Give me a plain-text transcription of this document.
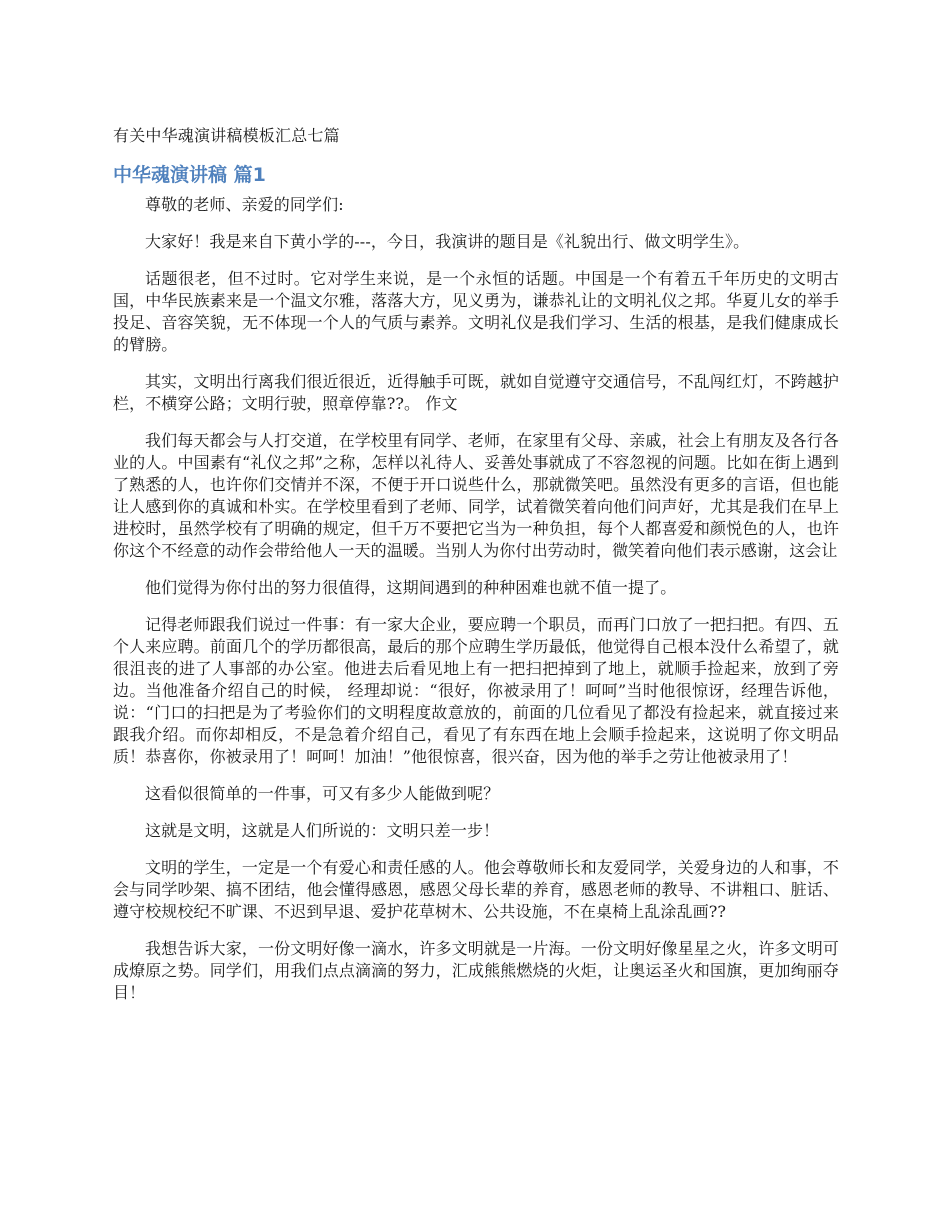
有关中华魂演讲稿模板汇总七篇
中华魂演讲稿 篇1

尊敬的老师、亲爱的同学们:

大家好！我是来自下黄小学的---，今日，我演讲的题目是《礼貌出行、做文明学生》。

话题很老，但不过时。它对学生来说，是一个永恒的话题。中国是一个有着五千年历史的文明古国，中华民族素来是一个温文尔雅，落落大方，见义勇为，谦恭礼让的文明礼仪之邦。华夏儿女的举手投足、音容笑貌，无不体现一个人的气质与素养。文明礼仪是我们学习、生活的根基，是我们健康成长的臂膀。

其实，文明出行离我们很近很近，近得触手可既，就如自觉遵守交通信号，不乱闯红灯，不跨越护栏，不横穿公路；文明行驶，照章停靠??。 作文

我们每天都会与人打交道，在学校里有同学、老师，在家里有父母、亲戚，社会上有朋友及各行各业的人。中国素有“礼仪之邦”之称，怎样以礼待人、妥善处事就成了不容忽视的问题。比如在街上遇到了熟悉的人，也许你们交情并不深，不便于开口说些什么，那就微笑吧。虽然没有更多的言语，但也能让人感到你的真诚和朴实。在学校里看到了老师、同学，试着微笑着向他们问声好，尤其是我们在早上进校时，虽然学校有了明确的规定，但千万不要把它当为一种负担，每个人都喜爱和颜悦色的人，也许你这个不经意的动作会带给他人一天的温暖。当别人为你付出劳动时，微笑着向他们表示感谢，这会让

他们觉得为你付出的努力很值得，这期间遇到的种种困难也就不值一提了。

记得老师跟我们说过一件事：有一家大企业，要应聘一个职员，而再门口放了一把扫把。有四、五个人来应聘。前面几个的学历都很高，最后的那个应聘生学历最低，他觉得自己根本没什么希望了，就很沮丧的进了人事部的办公室。他进去后看见地上有一把扫把掉到了地上，就顺手捡起来，放到了旁边。当他准备介绍自己的时候， 经理却说：“很好，你被录用了！呵呵”当时他很惊讶，经理告诉他，说：“门口的扫把是为了考验你们的文明程度故意放的，前面的几位看见了都没有捡起来，就直接过来跟我介绍。而你却相反，不是急着介绍自己，看见了有东西在地上会顺手捡起来，这说明了你文明品质！恭喜你，你被录用了！呵呵！加油！”他很惊喜，很兴奋，因为他的举手之劳让他被录用了！

这看似很简单的一件事，可又有多少人能做到呢？

这就是文明，这就是人们所说的：文明只差一步！

文明的学生，一定是一个有爱心和责任感的人。他会尊敬师长和友爱同学，关爱身边的人和事，不会与同学吵架、搞不团结，他会懂得感恩，感恩父母长辈的养育，感恩老师的教导、不讲粗口、脏话、遵守校规校纪不旷课、不迟到早退、爱护花草树木、公共设施，不在桌椅上乱涂乱画??

我想告诉大家，一份文明好像一滴水，许多文明就是一片海。一份文明好像星星之火，许多文明可成燎原之势。同学们，用我们点点滴滴的努力，汇成熊熊燃烧的火炬，让奥运圣火和国旗，更加绚丽夺目！
